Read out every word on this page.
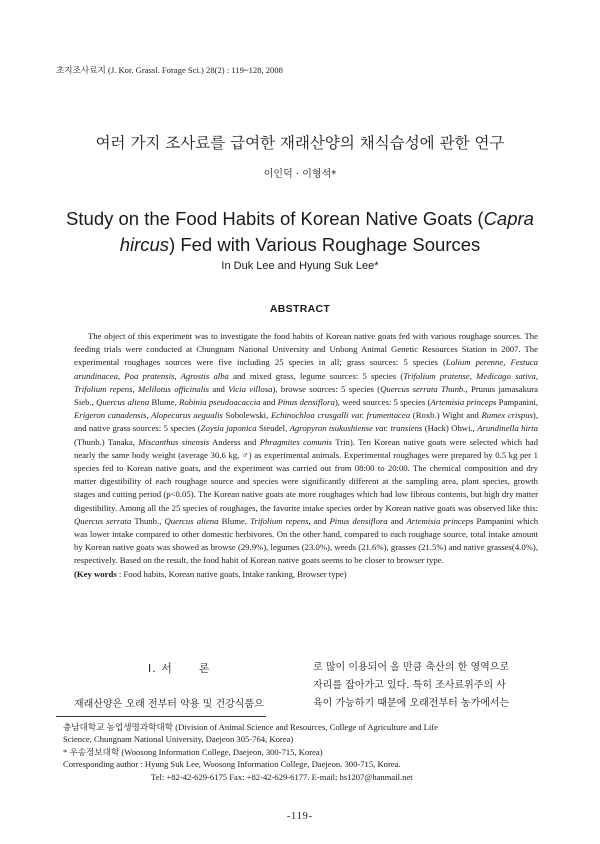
초지조사료지 (J. Kor. Grassl. Forage Sci.) 28(2) : 119~128, 2008
여러 가지 조사료를 급여한 재래산양의 채식습성에 관한 연구
이인덕 · 이형석*
Study on the Food Habits of Korean Native Goats (Capra
hircus) Fed with Various Roughage Sources
In Duk Lee and Hyung Suk Lee*
ABSTRACT

The object of this experiment was to investigate the food habits of Korean native goats fed with various roughage sources. The feeding trials were conducted at Chungnam National University and Unbong Animal Genetic Resources Station in 2007. The experimental roughages sources were five including 25 species in all; grass sources: 5 species (Lolium perenne, Festuca arundinacea, Poa pratensis, Agrostis alba and mixed grass, legume sources: 5 species (Trifolium pratense, Medicago sativa, Trifolium repens, Melilotus officinalis and Vicia villosa), browse sources: 5 species (Quercus serrata Thunb., Prunus jamasakura Sieb., Quercus aliena Blume, Robinia pseudoacaccia and Pinus densiflora), weed sources: 5 species (Artemisia princeps Pampanini, Erigeron canadensis, Alopecurus aegualis Sobolewski, Echinochloa crusgalli var. frumentacea (Roxb.) Wight and Rumex crispus), and native grass sources: 5 species (Zoysia japonica Steudel, Agropyron tsukushiense var. transiens (Hack) Ohwi., Arundinella hirta (Thunb.) Tanaka, Miscanthus sinensis Anderss and Phragmites comunis Trin). Ten Korean native goats were selected which had nearly the same body weight (average 30.6 kg, ♂) as experimental animals. Experimental roughages were prepared by 0.5 kg per 1 species fed to Korean native goats, and the experiment was carried out from 08:00 to 20:00. The chemical composition and dry matter digestibility of each roughage source and species were significantly different at the sampling area, plant species, growth stages and cutting period (p<0.05). The Korean native goats ate more roughages which had low fibrous contents, but high dry matter digestibility. Among all the 25 species of roughages, the favorite intake species order by Korean native goats was observed like this: Quercus serrata Thunb., Quercus aliena Blume, Trifolium repens, and Pinus densiflora and Artemisia princeps Pampanini which was lower intake compared to other domestic herbivores. On the other hand, compared to each roughage source, total intake amount by Korean native goats was showed as browse (29.9%), legumes (23.0%), weeds (21.6%), grasses (21.5%) and native grasses(4.0%), respectively. Based on the result, the food habit of Korean native goats seems to be closer to browser type.

(Key words : Food habits, Korean native goats, Intake ranking, Browser type)
Ⅰ. 서 론
재래산양은 오래 전부터 약용 및 건강식품으
로 많이 이용되어 올 만큼 축산의 한 영역으로
자리를 잡아가고 있다. 특히 조사료위주의 사
육이 가능하기 때문에 오래전부터 농가에서는
충남대학교 농업생명과학대학 (Division of Animal Science and Resources, College of Agriculture and Life
Science, Chungnam National University, Daejeon 305-764, Korea)
* 우송정보대학 (Woosong Information College, Daejeon, 300-715, Korea)
Corresponding author : Hyung Suk Lee, Woosong Information College, Daejeon. 300-715, Korea.
Tel: +82-42-629-6175 Fax: +82-42-629-6177. E-mail; hs1207@hanmail.net
-119-
